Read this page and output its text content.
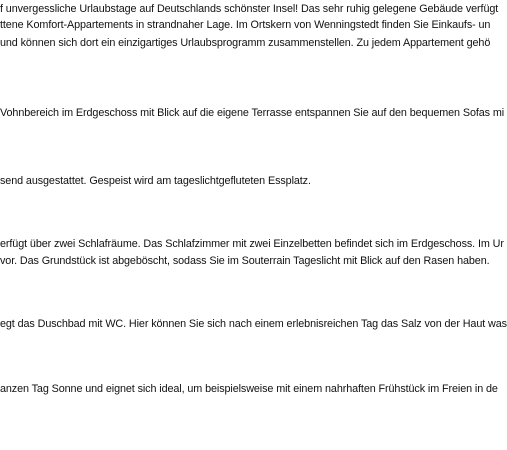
f unvergessliche Urlaubstage auf Deutschlands schönster Insel! Das sehr ruhig gelegene Gebäude verfügt
ttene Komfort-Appartements in strandnaher Lage. Im Ortskern von Wenningstedt finden Sie Einkaufs- un
und können sich dort ein einzigartiges Urlaubsprogramm zusammenstellen. Zu jedem Appartement gehö
Vohnbereich im Erdgeschoss mit Blick auf die eigene Terrasse entspannen Sie auf den bequemen Sofas mi
send ausgestattet. Gespeist wird am tageslichtgefluteten Essplatz.
erfügt über zwei Schlafräume. Das Schlafzimmer mit zwei Einzelbetten befindet sich im Erdgeschoss. Im Ur
vor. Das Grundstück ist abgeböscht, sodass Sie im Souterrain Tageslicht mit Blick auf den Rasen haben.
egt das Duschbad mit WC. Hier können Sie sich nach einem erlebnisreichen Tag das Salz von der Haut was
anzen Tag Sonne und eignet sich ideal, um beispielsweise mit einem nahrhaften Frühstück im Freien in de
